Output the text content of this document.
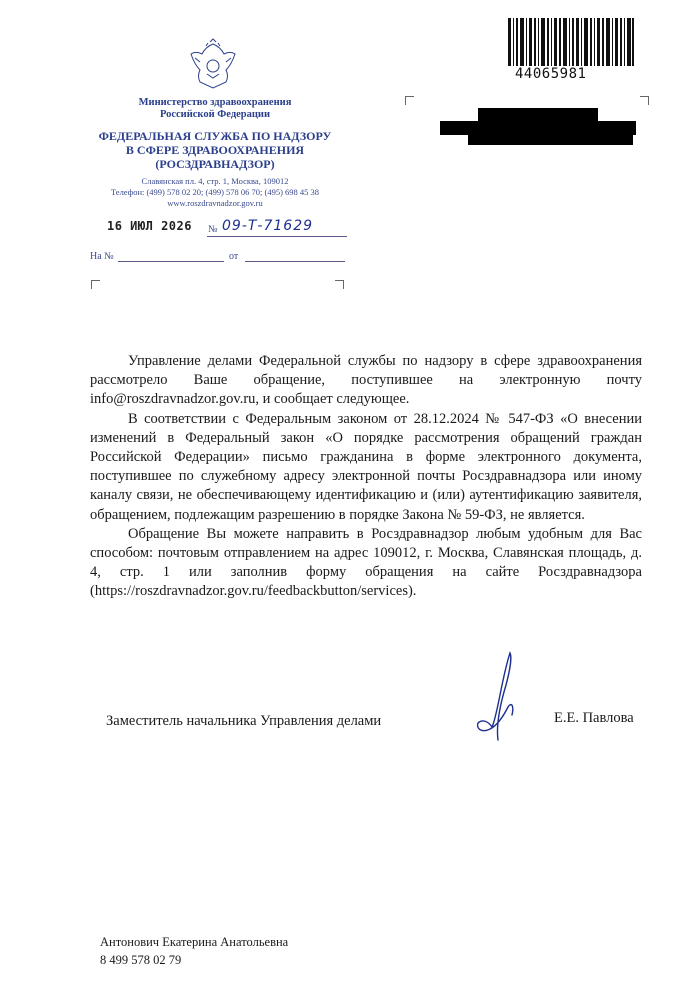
Министерство здравоохранения
Российской Федерации
ФЕДЕРАЛЬНАЯ СЛУЖБА ПО НАДЗОРУ
В СФЕРЕ ЗДРАВООХРАНЕНИЯ
(РОСЗДРАВНАДЗОР)
Славянская пл. 4, стр. 1, Москва, 109012
Телефон: (499) 578 02 20; (499) 578 06 70; (495) 698 45 38
www.roszdravnadzor.gov.ru
16 ИЮЛ 2026 № 09-Т-71629
На №	от
44065981

Управление делами Федеральной службы по надзору в сфере здравоохранения рассмотрело Ваше обращение, поступившее на электронную почту info@roszdravnadzor.gov.ru, и сообщает следующее.

В соответствии с Федеральным законом от 28.12.2024 № 547-ФЗ «О внесении изменений в Федеральный закон «О порядке рассмотрения обращений граждан Российской Федерации» письмо гражданина в форме электронного документа, поступившее по служебному адресу электронной почты Росздравнадзора или иному каналу связи, не обеспечивающему идентификацию и (или) аутентификацию заявителя, обращением, подлежащим разрешению в порядке Закона № 59-ФЗ, не является.

Обращение Вы можете направить в Росздравнадзор любым удобным для Вас способом: почтовым отправлением на адрес 109012, г. Москва, Славянская площадь, д. 4, стр. 1 или заполнив форму обращения на сайте Росздравнадзора (https://roszdravnadzor.gov.ru/feedbackbutton/services).

Заместитель начальника Управления делами	Е.Е. Павлова
Антонович Екатерина Анатольевна
8 499 578 02 79
